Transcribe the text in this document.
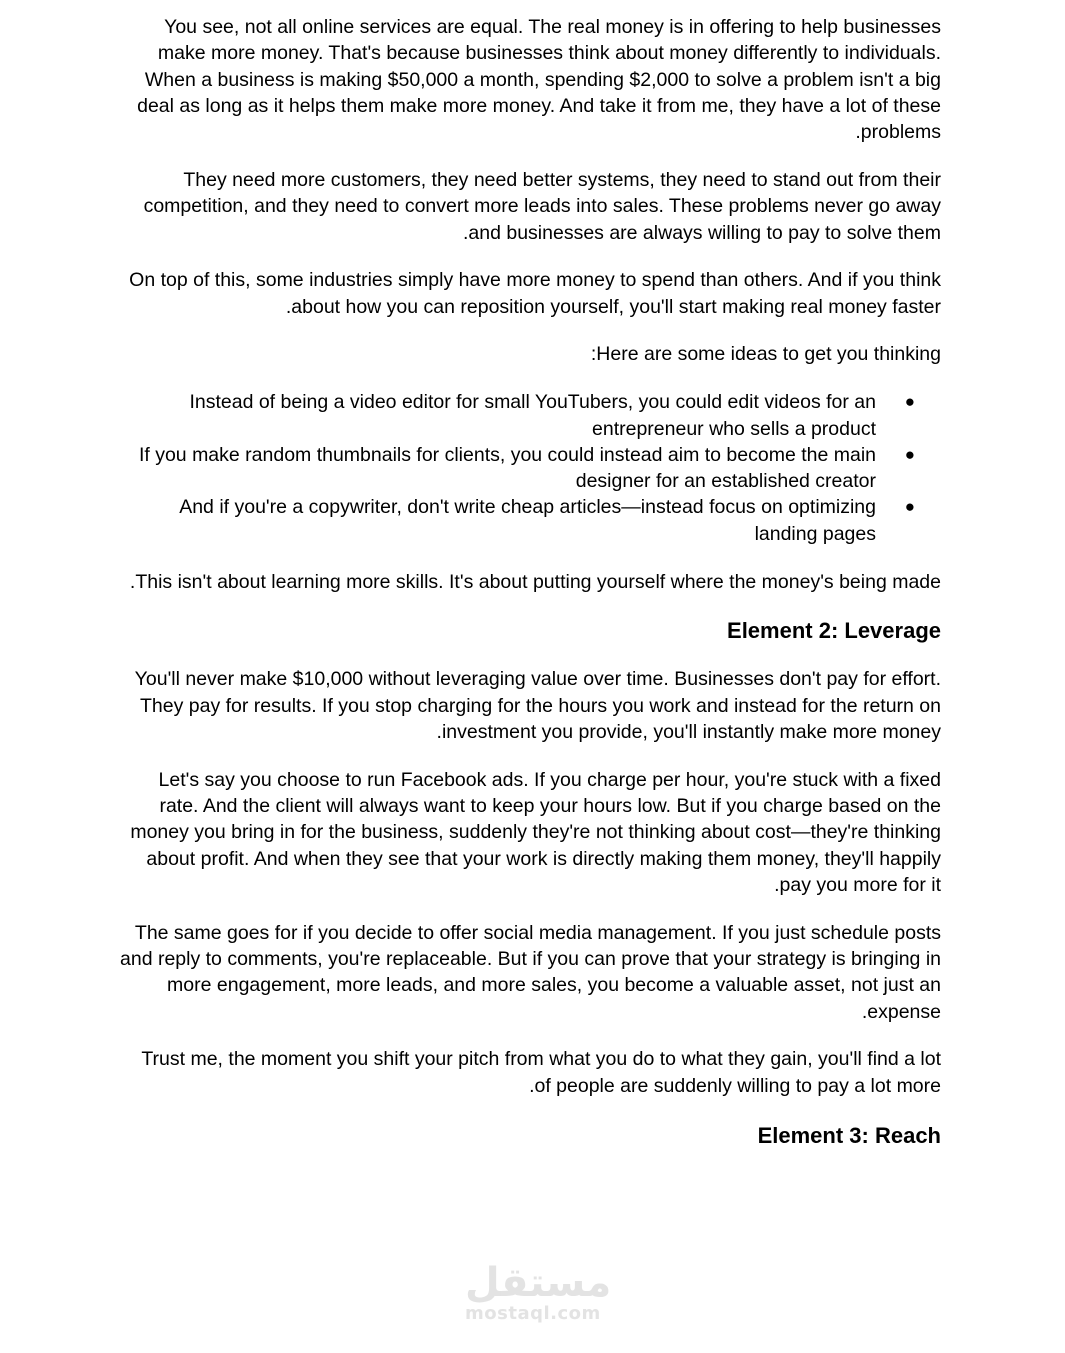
You see, not all online services are equal. The real money is in offering to help businesses make more money. That's because businesses think about money differently to individuals. When a business is making $50,000 a month, spending $2,000 to solve a problem isn't a big deal as long as it helps them make more money. And take it from me, they have a lot of these problems.

They need more customers, they need better systems, they need to stand out from their competition, and they need to convert more leads into sales. These problems never go away and businesses are always willing to pay to solve them.

On top of this, some industries simply have more money to spend than others. And if you think about how you can reposition yourself, you'll start making real money faster.

Here are some ideas to get you thinking:

●
Instead of being a video editor for small YouTubers, you could edit videos for an entrepreneur who sells a product
●
If you make random thumbnails for clients, you could instead aim to become the main designer for an established creator
●
And if you're a copywriter, don't write cheap articles—instead focus on optimizing landing pages

This isn't about learning more skills. It's about putting yourself where the money's being made.

Element 2: Leverage

You'll never make $10,000 without leveraging value over time. Businesses don't pay for effort. They pay for results. If you stop charging for the hours you work and instead for the return on investment you provide, you'll instantly make more money.

Let's say you choose to run Facebook ads. If you charge per hour, you're stuck with a fixed rate. And the client will always want to keep your hours low. But if you charge based on the money you bring in for the business, suddenly they're not thinking about cost—they're thinking about profit. And when they see that your work is directly making them money, they'll happily pay you more for it.

The same goes for if you decide to offer social media management. If you just schedule posts and reply to comments, you're replaceable. But if you can prove that your strategy is bringing in more engagement, more leads, and more sales, you become a valuable asset, not just an expense.

Trust me, the moment you shift your pitch from what you do to what they gain, you'll find a lot of people are suddenly willing to pay a lot more.

Element 3: Reach
مستقل
mostaql.com
